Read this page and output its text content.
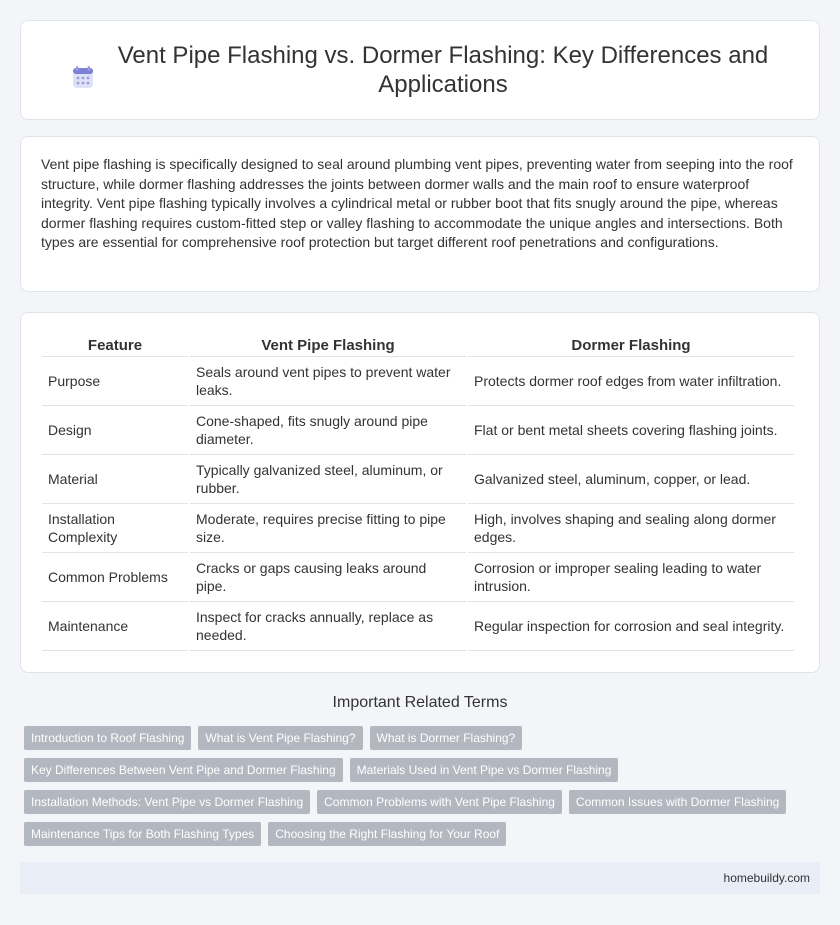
Vent Pipe Flashing vs. Dormer Flashing: Key Differences and Applications

Vent pipe flashing is specifically designed to seal around plumbing vent pipes, preventing water from seeping into the roof structure, while dormer flashing addresses the joints between dormer walls and the main roof to ensure waterproof integrity. Vent pipe flashing typically involves a cylindrical metal or rubber boot that fits snugly around the pipe, whereas dormer flashing requires custom-fitted step or valley flashing to accommodate the unique angles and intersections. Both types are essential for comprehensive roof protection but target different roof penetrations and configurations.

Feature	Vent Pipe Flashing	Dormer Flashing
Purpose	Seals around vent pipes to prevent water leaks.	Protects dormer roof edges from water infiltration.
Design	Cone-shaped, fits snugly around pipe diameter.	Flat or bent metal sheets covering flashing joints.
Material	Typically galvanized steel, aluminum, or rubber.	Galvanized steel, aluminum, copper, or lead.
Installation Complexity	Moderate, requires precise fitting to pipe size.	High, involves shaping and sealing along dormer edges.
Common Problems	Cracks or gaps causing leaks around pipe.	Corrosion or improper sealing leading to water intrusion.
Maintenance	Inspect for cracks annually, replace as needed.	Regular inspection for corrosion and seal integrity.
Important Related Terms
Introduction to Roof Flashing	What is Vent Pipe Flashing?	What is Dormer Flashing?
Key Differences Between Vent Pipe and Dormer Flashing	Materials Used in Vent Pipe vs Dormer Flashing
Installation Methods: Vent Pipe vs Dormer Flashing	Common Problems with Vent Pipe Flashing	Common Issues with Dormer Flashing
Maintenance Tips for Both Flashing Types	Choosing the Right Flashing for Your Roof
homebuildy.com
